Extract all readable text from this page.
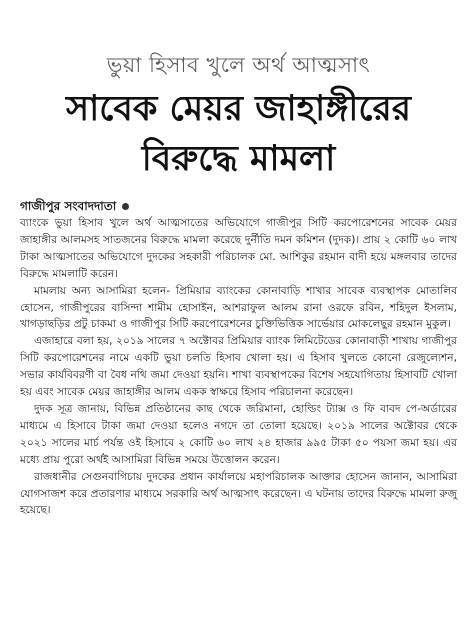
ভুয়া হিসাব খুলে অর্থ আত্মসাৎ
সাবেক মেয়র জাহাঙ্গীরের
বিরুদ্ধে মামলা
গাজীপুর সংবাদদাতা

ব্যাংকে ভুয়া হিসাব খুলে অর্থ আত্মসাতের অভিযোগে গাজীপুর সিটি করপোরেশনের সাবেক মেয়র জাহাঙ্গীর আলমসহ সাতজনের বিরুদ্ধে মামলা করেছে দুর্নীতি দমন কমিশন (দুদক)। প্রায় ২ কোটি ৬০ লাখ টাকা আত্মসাতের অভিযোগে দুদকের সহকারী পরিচালক মো. আশিকুর রহমান বাদী হয়ে মঙ্গলবার তাদের বিরুদ্ধে মামলাটি করেন।

মামলায় অন্য আসামিরা হলেন- প্রিমিয়ার ব্যাংকের কোনাবাড়ি শাখার সাবেক ব্যবস্থাপক মোতালিব হোসেন, গাজীপুরের বাসিন্দা শামীম হোসাইন, আশরাফুল আলম রানা ওরফে রবিন, শহিদুল ইসলাম, খাগড়াছড়ির প্রটু চাকমা ও গাজীপুর সিটি করপোরেশনের চুক্তিভিত্তিক সার্ভেয়ার মোকলেছুর রহমান মুকুল।

এজাহারে বলা হয়, ২০১৯ সালের ৭ অক্টোবর প্রিমিয়ার ব্যাংক লিমিটেডের কোনাবাড়ী শাখায় গাজীপুর সিটি করপোরেশনের নামে একটি ভুয়া চলতি হিসাব খোলা হয়। এ হিসাব খুলতে কোনো রেজুল্যেশন, সভার কার্যবিবরণী বা বৈধ নথি জমা দেওয়া হয়নি। শাখা ব্যবস্থাপকের বিশেষ সহযোগিতায় হিসাবটি খোলা হয় এবং সাবেক মেয়র জাহাঙ্গীর আলম একক স্বাক্ষরে হিসাব পরিচালনা করেছেন।

দুদক সূত্র জানায়, বিভিন্ন প্রতিষ্ঠানের কাছ থেকে জরিমানা, হোল্ডিং ট্যাক্স ও ফি বাবদ পে-অর্ডারের মাধ্যমে এ হিসাবে টাকা জমা দেওয়া হলেও নগদে তা তোলা হয়েছে। ২০১৯ সালের অক্টোবর থেকে ২০২১ সালের মার্চ পর্যন্ত ওই হিসাবে ২ কোটি ৬০ লাখ ২৪ হাজার ৯৯৫ টাকা ৫০ পয়সা জমা হয়। এর মধ্যে প্রায় পুরো অর্থই আসামিরা বিভিন্ন সময়ে উত্তোলন করেন।

রাজধানীর সেগুনবাগিচায় দুদকের প্রধান কার্যালয়ে মহাপরিচালক আক্তার হোসেন জানান, আসামিরা যোগসাজশ করে প্রতারণার মাধ্যমে সরকারি অর্থ আত্মসাৎ করেছেন। এ ঘটনায় তাদের বিরুদ্ধে মামলা রুজু হয়েছে।
